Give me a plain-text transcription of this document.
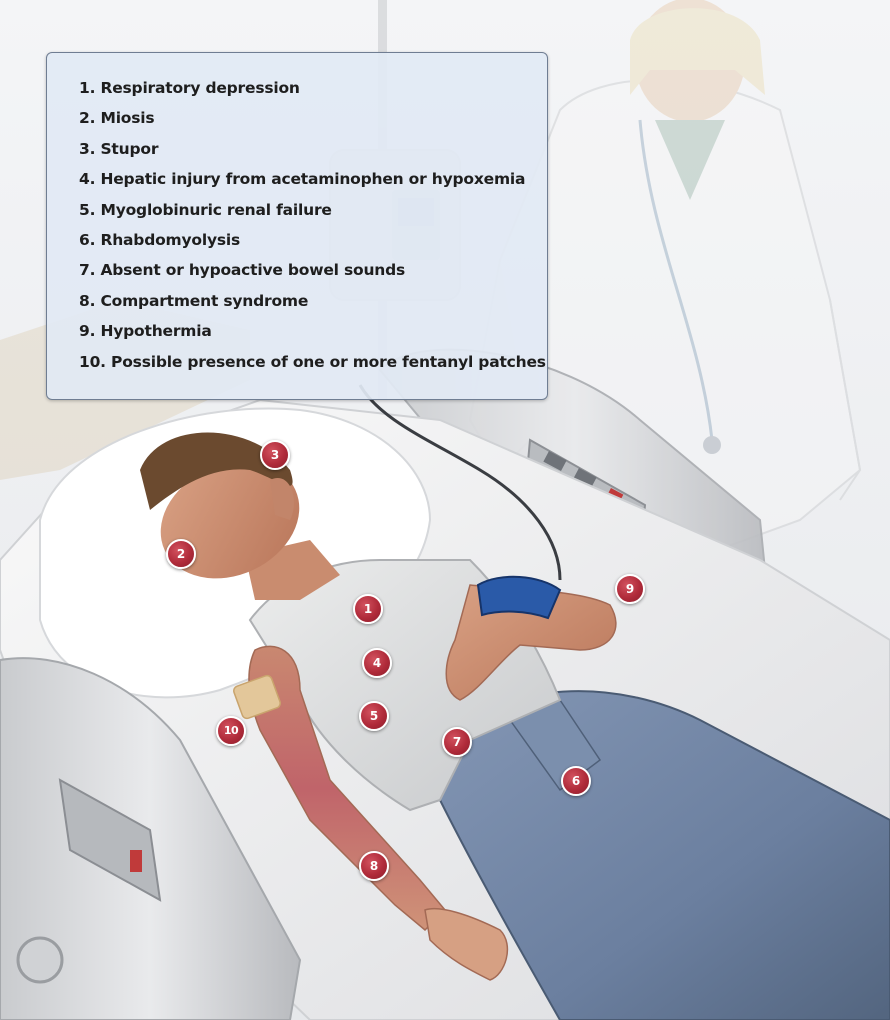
1. Respiratory depression
2. Miosis
3. Stupor
4. Hepatic injury from acetaminophen or hypoxemia
5. Myoglobinuric renal failure
6. Rhabdomyolysis
7. Absent or hypoactive bowel sounds
8. Compartment syndrome
9. Hypothermia
10. Possible presence of one or more fentanyl patches
1
2
3
4
5
6
7
8
9
10
